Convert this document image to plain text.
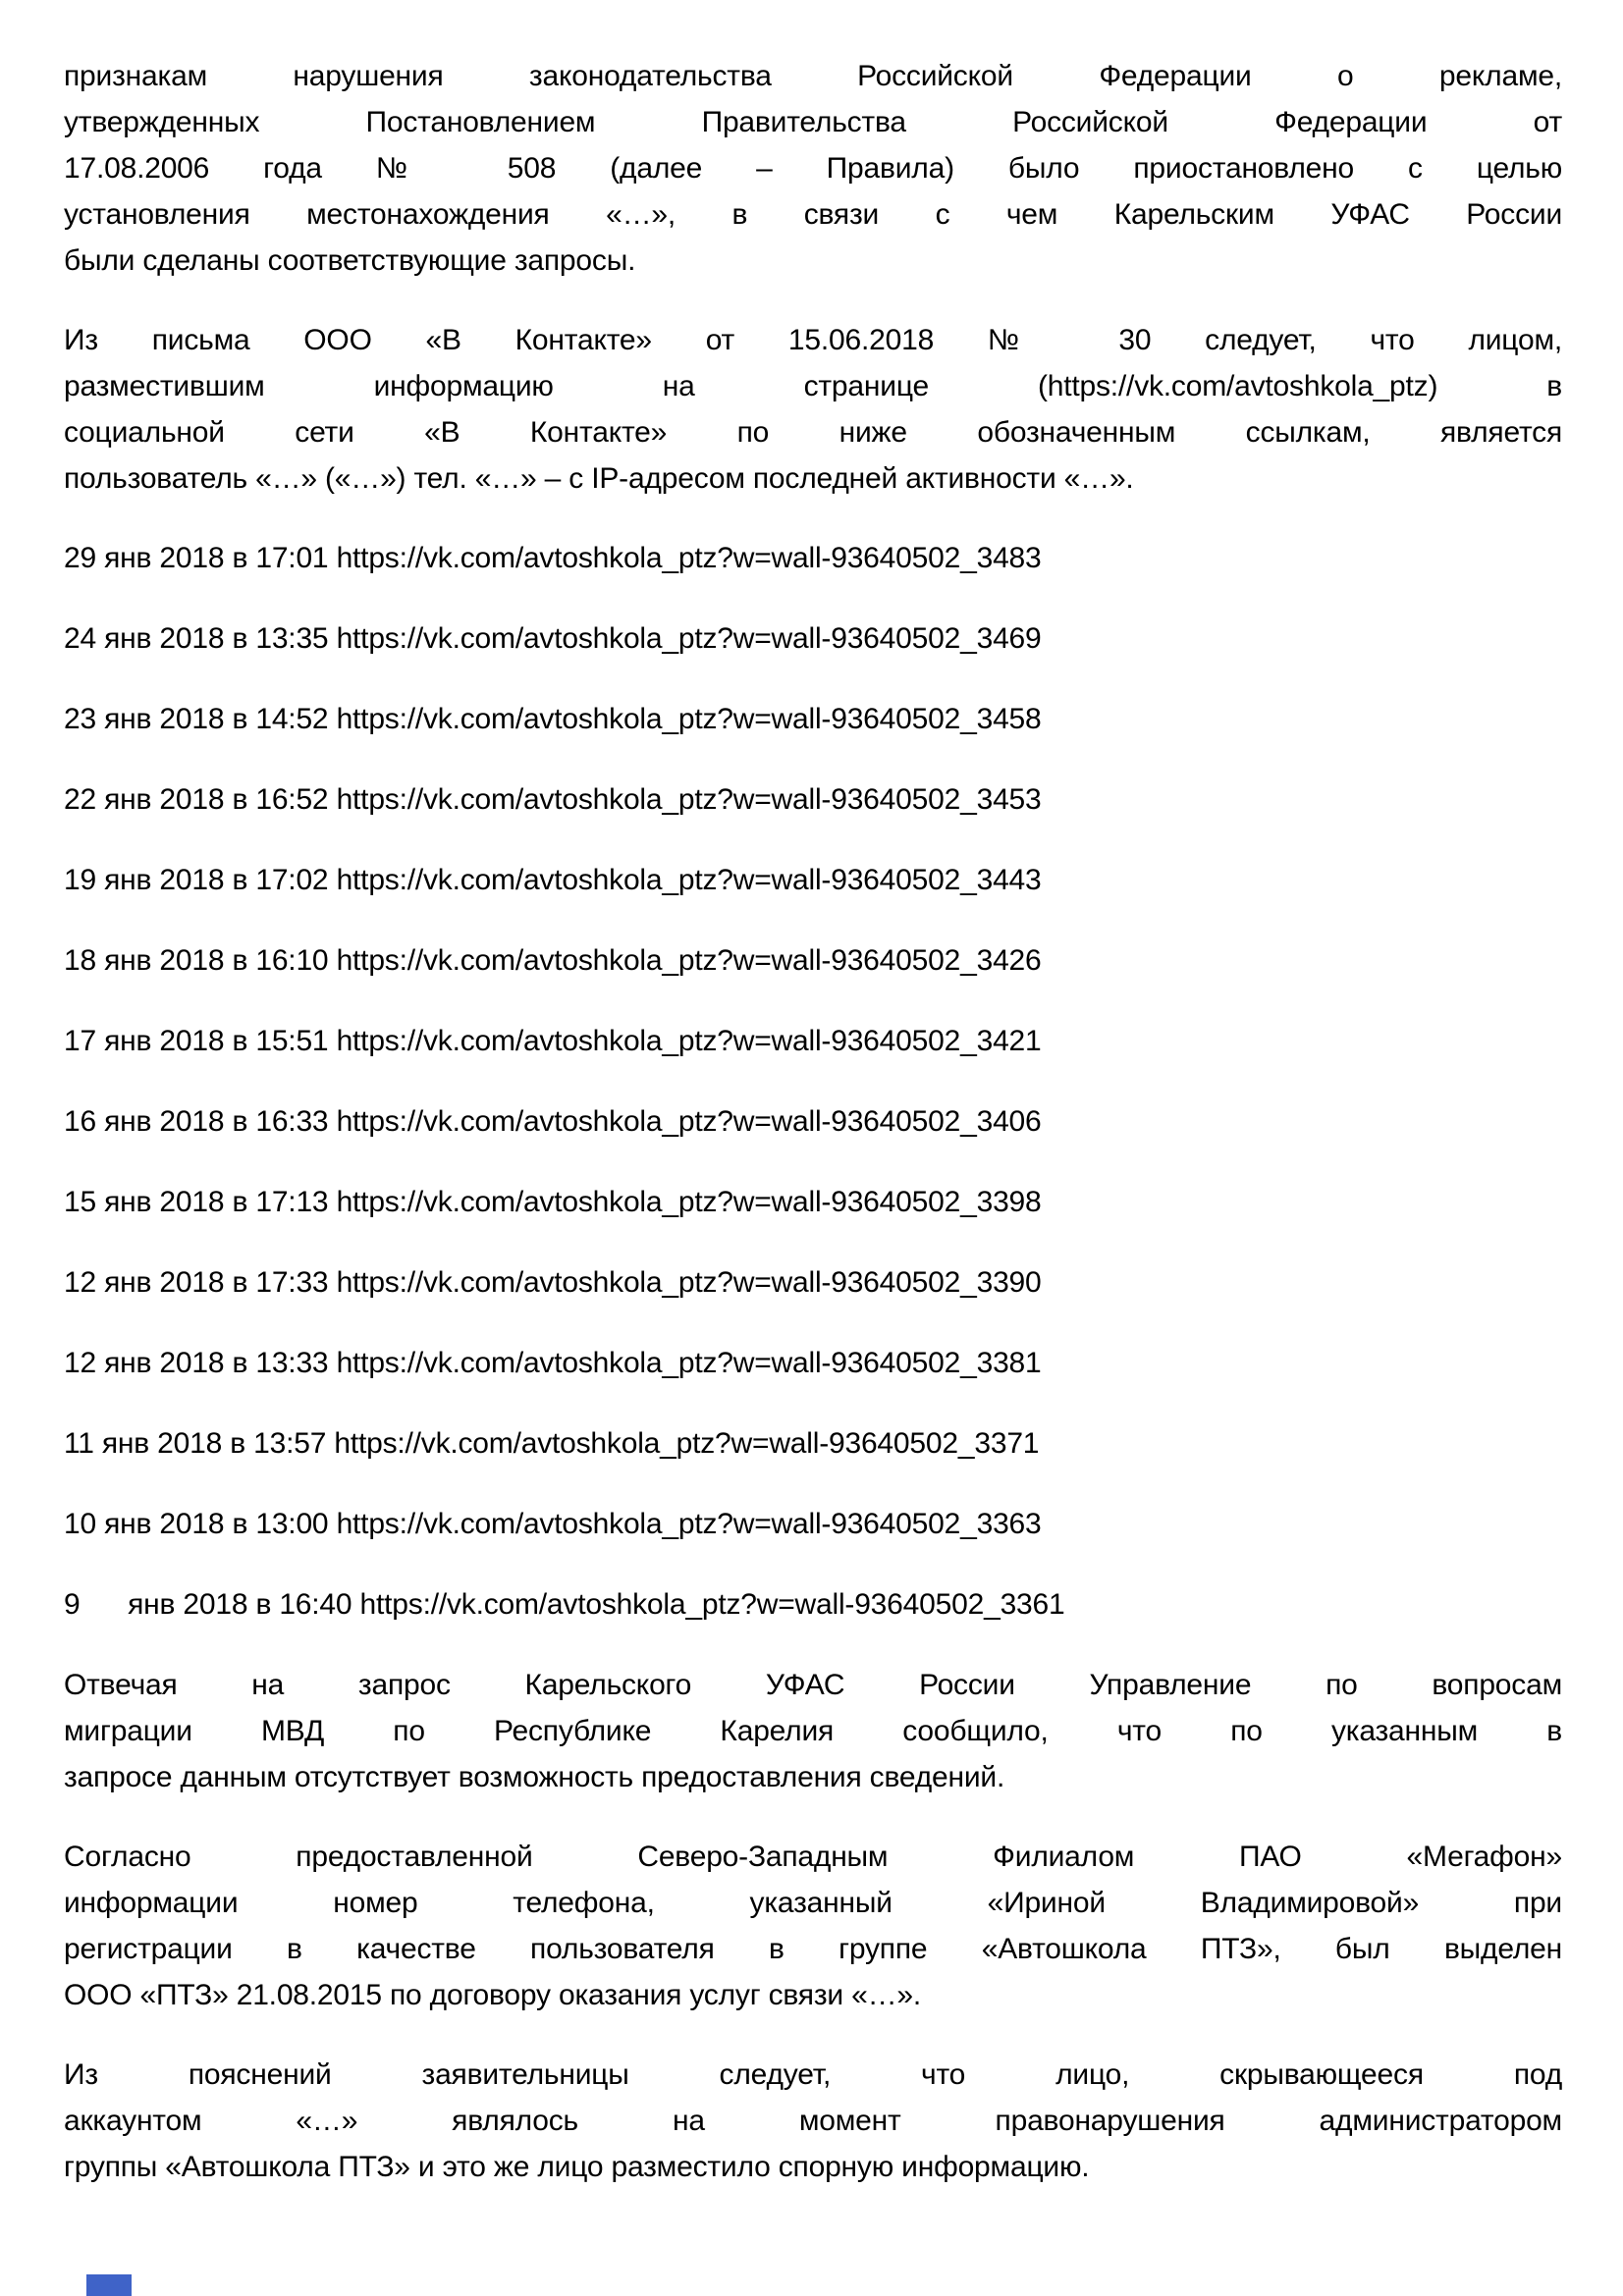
признакам нарушения законодательства Российской Федерации о рекламе,
утвержденных Постановлением Правительства Российской Федерации от
17.08.2006 года № 508 (далее – Правила) было приостановлено с целью
установления местонахождения «…», в связи с чем Карельским УФАС России
были сделаны соответствующие запросы.
Из письма ООО «В Контакте» от 15.06.2018 № 30 следует, что лицом,
разместившим информацию на странице (https://vk.com/avtoshkola_ptz) в
социальной сети «В Контакте» по ниже обозначенным ссылкам, является
пользователь «…» («…») тел. «…» – с IP-адресом последней активности «…».
29 янв 2018 в 17:01 https://vk.com/avtoshkola_ptz?w=wall-93640502_3483
24 янв 2018 в 13:35 https://vk.com/avtoshkola_ptz?w=wall-93640502_3469
23 янв 2018 в 14:52 https://vk.com/avtoshkola_ptz?w=wall-93640502_3458
22 янв 2018 в 16:52 https://vk.com/avtoshkola_ptz?w=wall-93640502_3453
19 янв 2018 в 17:02 https://vk.com/avtoshkola_ptz?w=wall-93640502_3443
18 янв 2018 в 16:10 https://vk.com/avtoshkola_ptz?w=wall-93640502_3426
17 янв 2018 в 15:51 https://vk.com/avtoshkola_ptz?w=wall-93640502_3421
16 янв 2018 в 16:33 https://vk.com/avtoshkola_ptz?w=wall-93640502_3406
15 янв 2018 в 17:13 https://vk.com/avtoshkola_ptz?w=wall-93640502_3398
12 янв 2018 в 17:33 https://vk.com/avtoshkola_ptz?w=wall-93640502_3390
12 янв 2018 в 13:33 https://vk.com/avtoshkola_ptz?w=wall-93640502_3381
11 янв 2018 в 13:57 https://vk.com/avtoshkola_ptz?w=wall-93640502_3371
10 янв 2018 в 13:00 https://vk.com/avtoshkola_ptz?w=wall-93640502_3363
9	янв 2018 в 16:40 https://vk.com/avtoshkola_ptz?w=wall-93640502_3361
Отвечая на запрос Карельского УФАС России Управление по вопросам
миграции МВД по Республике Карелия сообщило, что по указанным в
запросе данным отсутствует возможность предоставления сведений.
Согласно предоставленной Северо-Западным Филиалом ПАО «Мегафон»
информации номер телефона, указанный «Ириной Владимировой» при
регистрации в качестве пользователя в группе «Автошкола ПТЗ», был выделен
ООО «ПТЗ» 21.08.2015 по договору оказания услуг связи «…».
Из пояснений заявительницы следует, что лицо, скрывающееся под
аккаунтом «…» являлось на момент правонарушения администратором
группы «Автошкола ПТЗ» и это же лицо разместило спорную информацию.
